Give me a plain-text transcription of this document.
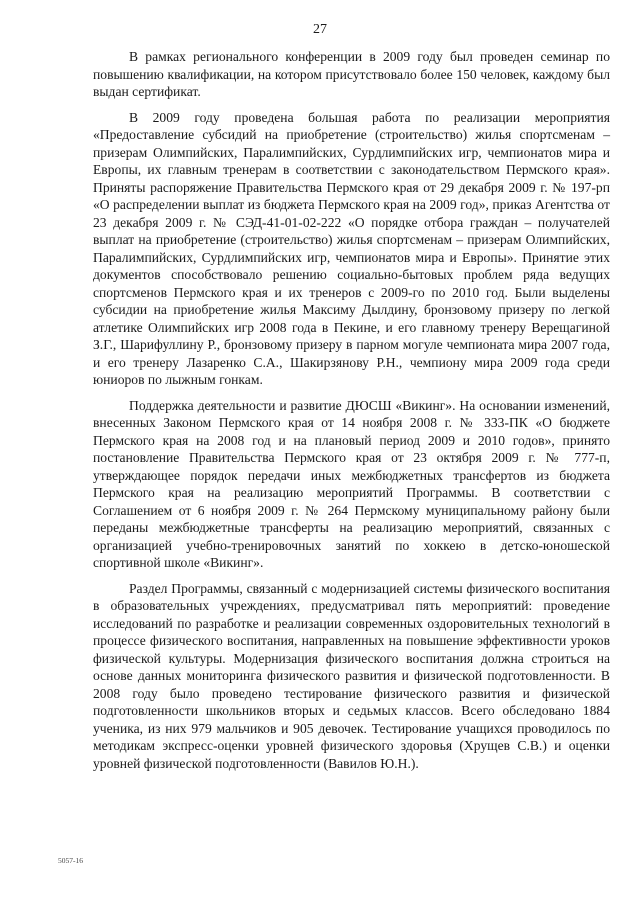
27

В рамках регионального конференции в 2009 году был проведен семинар по повышению квалификации, на котором присутствовало более 150 человек, каждому был выдан сертификат.

В 2009 году проведена большая работа по реализации мероприятия «Предоставление субсидий на приобретение (строительство) жилья спортсменам – призерам Олимпийских, Паралимпийских, Сурдлимпийских игр, чемпионатов мира и Европы, их главным тренерам в соответствии с законодательством Пермского края». Приняты распоряжение Правительства Пермского края от 29 декабря 2009 г. № 197-рп «О распределении выплат из бюджета Пермского края на 2009 год», приказ Агентства от 23 декабря 2009 г. № СЭД-41-01-02-222 «О порядке отбора граждан – получателей выплат на приобретение (строительство) жилья спортсменам – призерам Олимпийских, Паралимпийских, Сурдлимпийских игр, чемпионатов мира и Европы». Принятие этих документов способствовало решению социально-бытовых проблем ряда ведущих спортсменов Пермского края и их тренеров с 2009-го по 2010 год. Были выделены субсидии на приобретение жилья Максиму Дылдину, бронзовому призеру по легкой атлетике Олимпийских игр 2008 года в Пекине, и его главному тренеру Верещагиной З.Г., Шарифуллину Р., бронзовому призеру в парном могуле чемпионата мира 2007 года, и его тренеру Лазаренко С.А., Шакирзянову Р.Н., чемпиону мира 2009 года среди юниоров по лыжным гонкам.

Поддержка деятельности и развитие ДЮСШ «Викинг». На основании изменений, внесенных Законом Пермского края от 14 ноября 2008 г. № 333-ПК «О бюджете Пермского края на 2008 год и на плановый период 2009 и 2010 годов», принято постановление Правительства Пермского края от 23 октября 2009 г. № 777-п, утверждающее порядок передачи иных межбюджетных трансфертов из бюджета Пермского края на реализацию мероприятий Программы. В соответствии с Соглашением от 6 ноября 2009 г. № 264 Пермскому муниципальному району были переданы межбюджетные трансферты на реализацию мероприятий, связанных с организацией учебно-тренировочных занятий по хоккею в детско-юношеской спортивной школе «Викинг».

Раздел Программы, связанный с модернизацией системы физического воспитания в образовательных учреждениях, предусматривал пять мероприятий: проведение исследований по разработке и реализации современных оздоровительных технологий в процессе физического воспитания, направленных на повышение эффективности уроков физической культуры. Модернизация физического воспитания должна строиться на основе данных мониторинга физического развития и физической подготовленности. В 2008 году было проведено тестирование физического развития и физической подготовленности школьников вторых и седьмых классов. Всего обследовано 1884 ученика, из них 979 мальчиков и 905 девочек. Тестирование учащихся проводилось по методикам экспресс-оценки уровней физического здоровья (Хрущев С.В.) и оценки уровней физической подготовленности (Вавилов Ю.Н.).

5057-16
